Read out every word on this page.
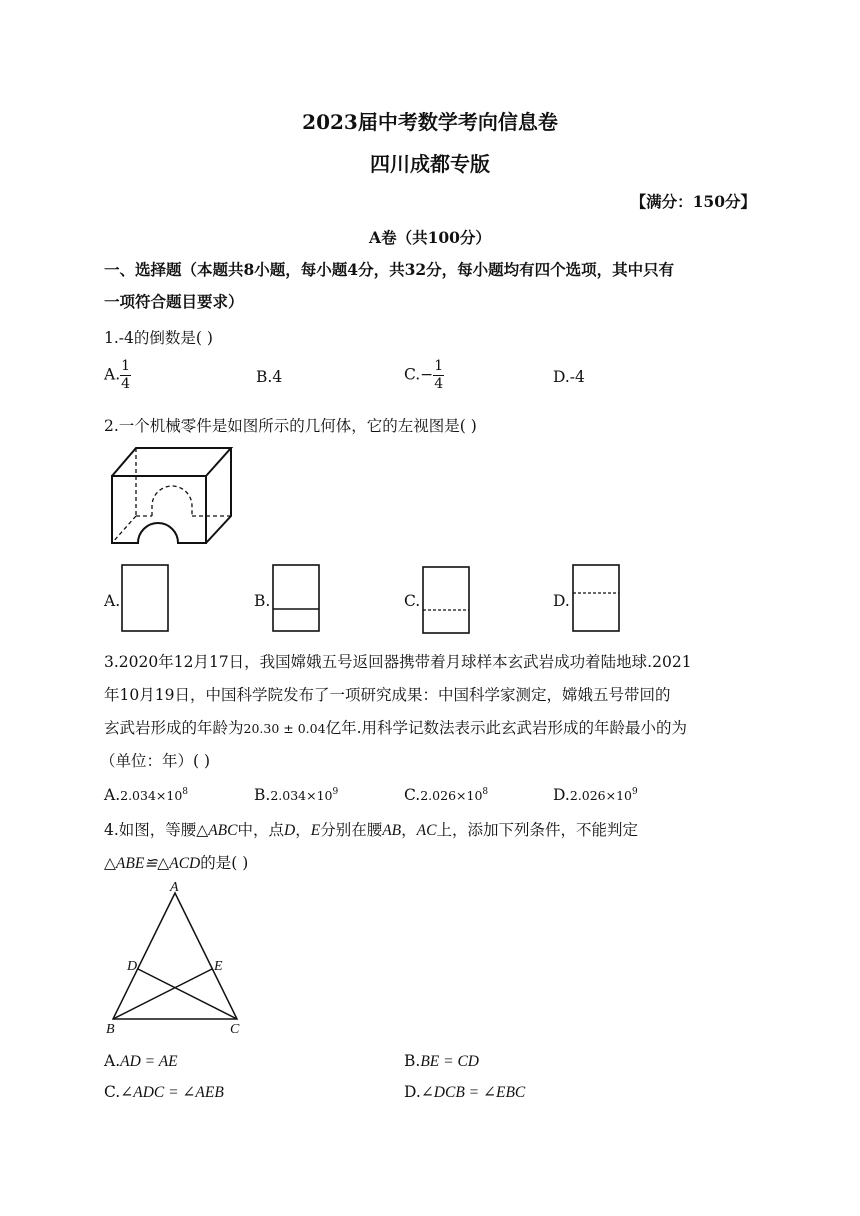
2023届中考数学考向信息卷
四川成都专版
【满分：150分】
A卷（共100分）
一、选择题（本题共8小题，每小题4分，共32分，每小题均有四个选项，其中只有
一项符合题目要求）
1.-4的倒数是( )
A. $\frac{1}{4}$	B.4	$C.- \frac{1}{4}$	D.-4
2.一个机械零件是如图所示的几何体，它的左视图是( )
A.	B.	C.	D.
3.2020年12月17日，我国嫦娥五号返回器携带着月球样本玄武岩成功着陆地球.2021
年10月19日，中国科学院发布了一项研究成果：中国科学家测定，嫦娥五号带回的
玄武岩形成的年龄为20.30 ± 0.04亿年.用科学记数法表示此玄武岩形成的年龄最小的为
（单位：年）( )
$A.2.034\times 10^8$	$B.2.034\times 10^9$	$C.2.026\times 10^8$	$D.2.026\times 10^9$
4.如图，等腰△ABC中，点D，E分别在腰AB，AC上，添加下列条件，不能判定
△ABE≌△ACD的是( )
A
D	E
B	C
A.AD = AE	B.BE = CD
C.∠ADC = ∠AEB	D.∠DCB = ∠EBC
